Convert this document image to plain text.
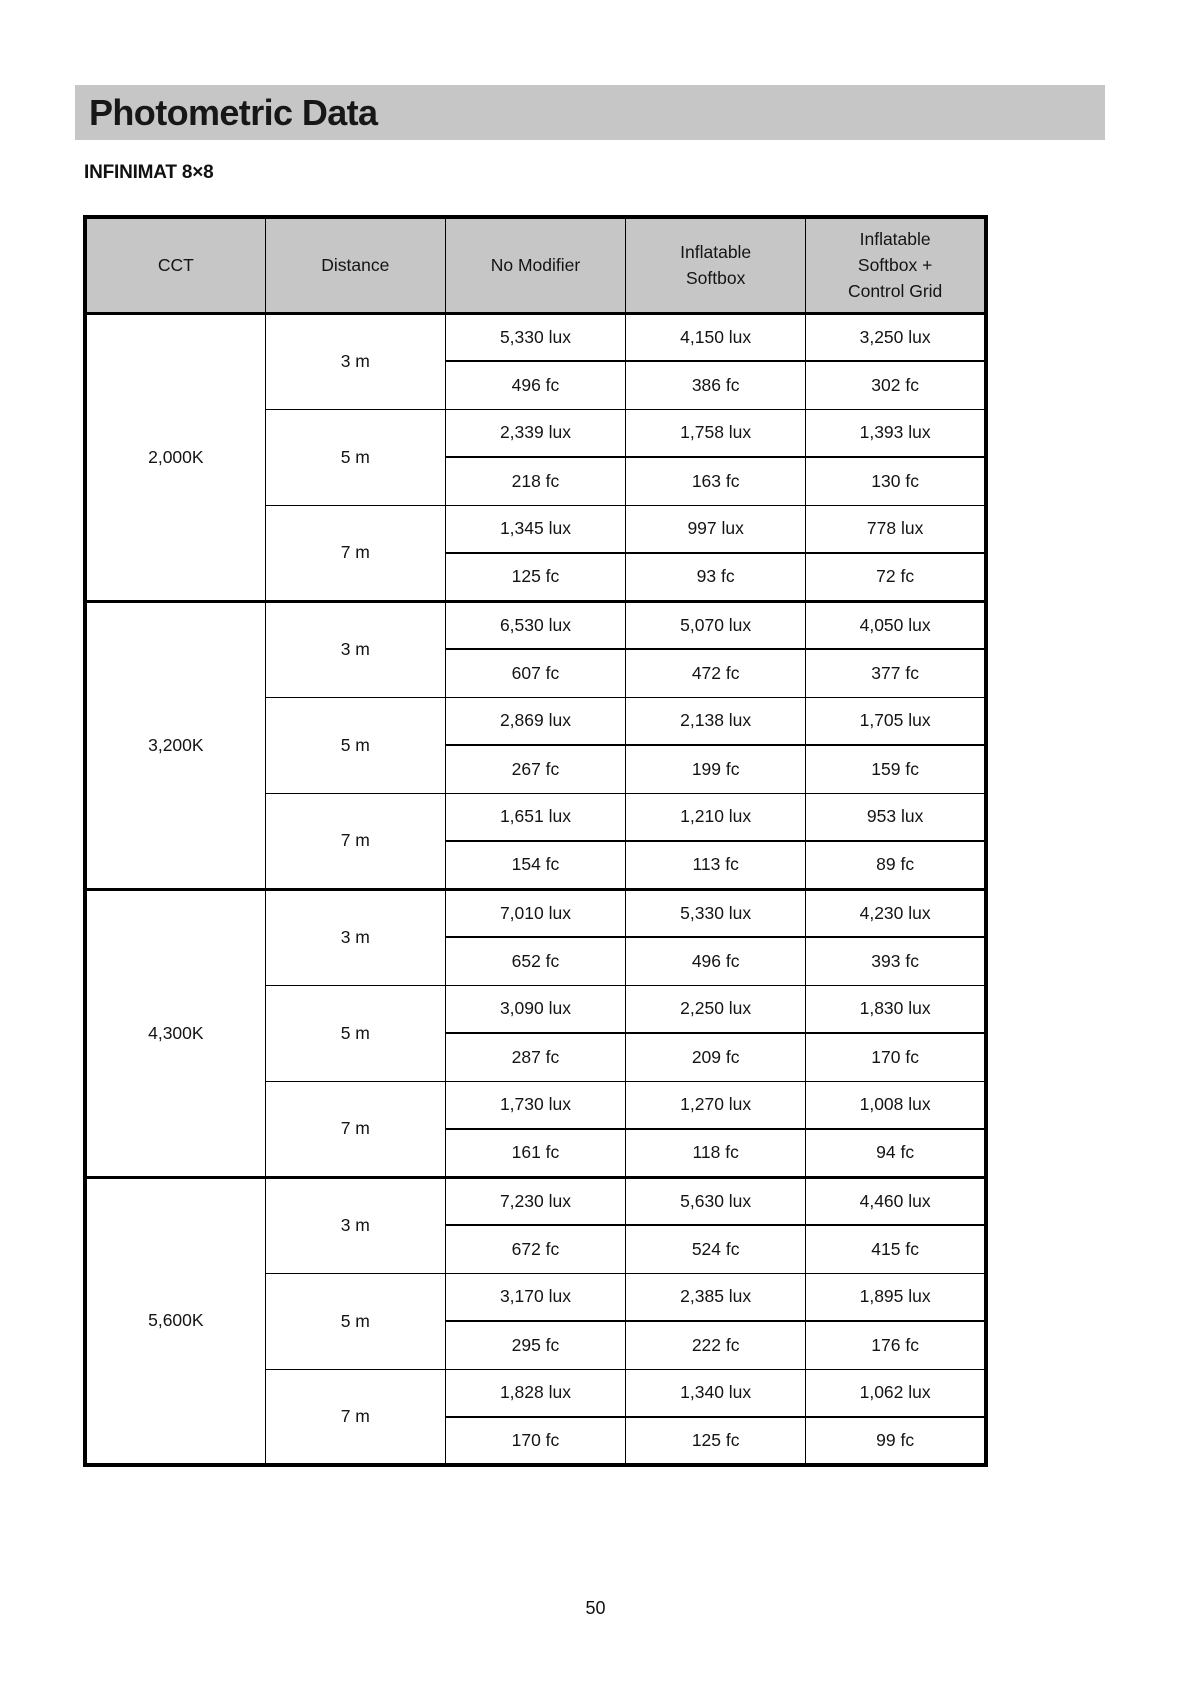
Photometric Data
INFINIMAT 8×8
CCT	Distance	No Modifier	Inflatable Softbox	Inflatable Softbox + Control Grid
2,000K	3 m	5,330 lux	4,150 lux	3,250 lux
		496 fc	386 fc	302 fc
	5 m	2,339 lux	1,758 lux	1,393 lux
		218 fc	163 fc	130 fc
	7 m	1,345 lux	997 lux	778 lux
		125 fc	93 fc	72 fc
3,200K	3 m	6,530 lux	5,070 lux	4,050 lux
		607 fc	472 fc	377 fc
	5 m	2,869 lux	2,138 lux	1,705 lux
		267 fc	199 fc	159 fc
	7 m	1,651 lux	1,210 lux	953 lux
		154 fc	113 fc	89 fc
4,300K	3 m	7,010 lux	5,330 lux	4,230 lux
		652 fc	496 fc	393 fc
	5 m	3,090 lux	2,250 lux	1,830 lux
		287 fc	209 fc	170 fc
	7 m	1,730 lux	1,270 lux	1,008 lux
		161 fc	118 fc	94 fc
5,600K	3 m	7,230 lux	5,630 lux	4,460 lux
		672 fc	524 fc	415 fc
	5 m	3,170 lux	2,385 lux	1,895 lux
		295 fc	222 fc	176 fc
	7 m	1,828 lux	1,340 lux	1,062 lux
		170 fc	125 fc	99 fc
50
